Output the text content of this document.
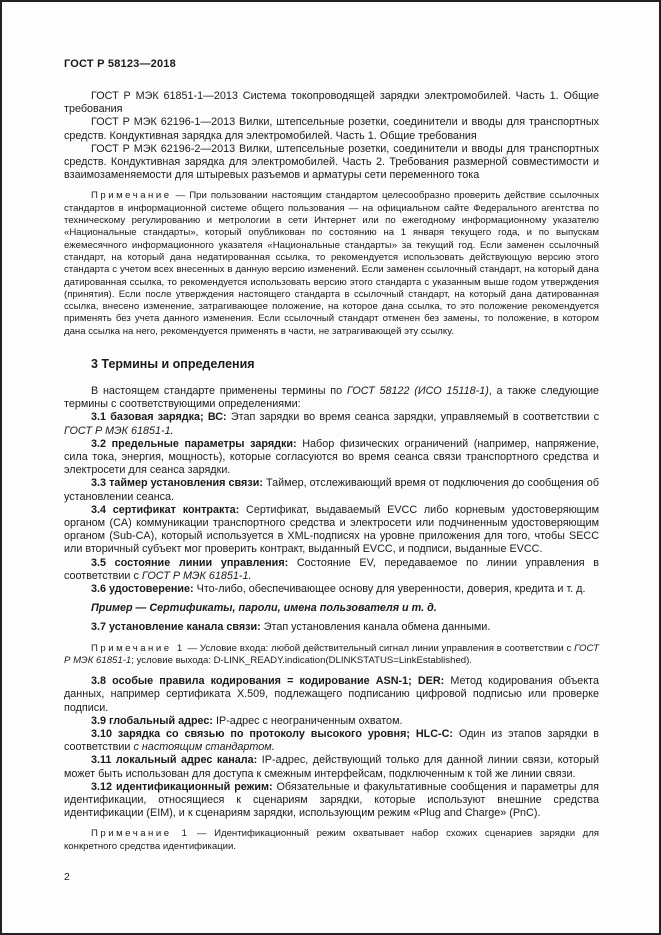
ГОСТ Р 58123—2018

ГОСТ Р МЭК 61851-1—2013 Система токопроводящей зарядки электромобилей. Часть 1. Общие требования

ГОСТ Р МЭК 62196-1—2013 Вилки, штепсельные розетки, соединители и вводы для транспортных средств. Кондуктивная зарядка для электромобилей. Часть 1. Общие требования

ГОСТ Р МЭК 62196-2—2013 Вилки, штепсельные розетки, соединители и вводы для транспортных средств. Кондуктивная зарядка для электромобилей. Часть 2. Требования размерной совместимости и взаимозаменяемости для штыревых разъемов и арматуры сети переменного тока

Примечание — При пользовании настоящим стандартом целесообразно проверить действие ссылочных стандартов в информационной системе общего пользования — на официальном сайте Федерального агентства по техническому регулированию и метрологии в сети Интернет или по ежегодному информационному указателю «Национальные стандарты», который опубликован по состоянию на 1 января текущего года, и по выпускам ежемесячного информационного указателя «Национальные стандарты» за текущий год. Если заменен ссылочный стандарт, на который дана недатированная ссылка, то рекомендуется использовать действующую версию этого стандарта с учетом всех внесенных в данную версию изменений. Если заменен ссылочный стандарт, на который дана датированная ссылка, то рекомендуется использовать версию этого стандарта с указанным выше годом утверждения (принятия). Если после утверждения настоящего стандарта в ссылочный стандарт, на который дана датированная ссылка, внесено изменение, затрагивающее положение, на которое дана ссылка, то это положение рекомендуется применять без учета данного изменения. Если ссылочный стандарт отменен без замены, то положение, в котором дана ссылка на него, рекомендуется применять в части, не затрагивающей эту ссылку.

3 Термины и определения

В настоящем стандарте применены термины по ГОСТ 58122 (ИСО 15118-1), а также следующие термины с соответствующими определениями:

3.1 базовая зарядка; ВС: Этап зарядки во время сеанса зарядки, управляемый в соответствии с ГОСТ Р МЭК 61851-1.

3.2 предельные параметры зарядки: Набор физических ограничений (например, напряжение, сила тока, энергия, мощность), которые согласуются во время сеанса связи транспортного средства и электросети для сеанса зарядки.

3.3 таймер установления связи: Таймер, отслеживающий время от подключения до сообщения об установлении сеанса.

3.4 сертификат контракта: Сертификат, выдаваемый EVCC либо корневым удостоверяющим органом (CA) коммуникации транспортного средства и электросети или подчиненным удостоверяющим органом (Sub-CA), который используется в XML-подписях на уровне приложения для того, чтобы SECC или вторичный субъект мог проверить контракт, выданный EVCC, и подписи, выданные EVCC.

3.5 состояние линии управления: Состояние EV, передаваемое по линии управления в соответствии с ГОСТ Р МЭК 61851-1.

3.6 удостоверение: Что-либо, обеспечивающее основу для уверенности, доверия, кредита и т. д.

Пример — Сертификаты, пароли, имена пользователя и т. д.

3.7 установление канала связи: Этап установления канала обмена данными.

Примечание 1 — Условие входа: любой действительный сигнал линии управления в соответствии с ГОСТ Р МЭК 61851-1; условие выхода: D-LINK_READY.indication(DLINKSTATUS=LinkEstablished).

3.8 особые правила кодирования = кодирование ASN-1; DER: Метод кодирования объекта данных, например сертификата X.509, подлежащего подписанию цифровой подписью или проверке подписи.

3.9 глобальный адрес: IP-адрес с неограниченным охватом.

3.10 зарядка со связью по протоколу высокого уровня; HLC-C: Один из этапов зарядки в соответствии с настоящим стандартом.

3.11 локальный адрес канала: IP-адрес, действующий только для данной линии связи, который может быть использован для доступа к смежным интерфейсам, подключенным к той же линии связи.

3.12 идентификационный режим: Обязательные и факультативные сообщения и параметры для идентификации, относящиеся к сценариям зарядки, которые используют внешние средства идентификации (EIM), и к сценариям зарядки, использующим режим «Plug and Charge» (PnC).

Примечание 1 — Идентификационный режим охватывает набор схожих сценариев зарядки для конкретного средства идентификации.

2
